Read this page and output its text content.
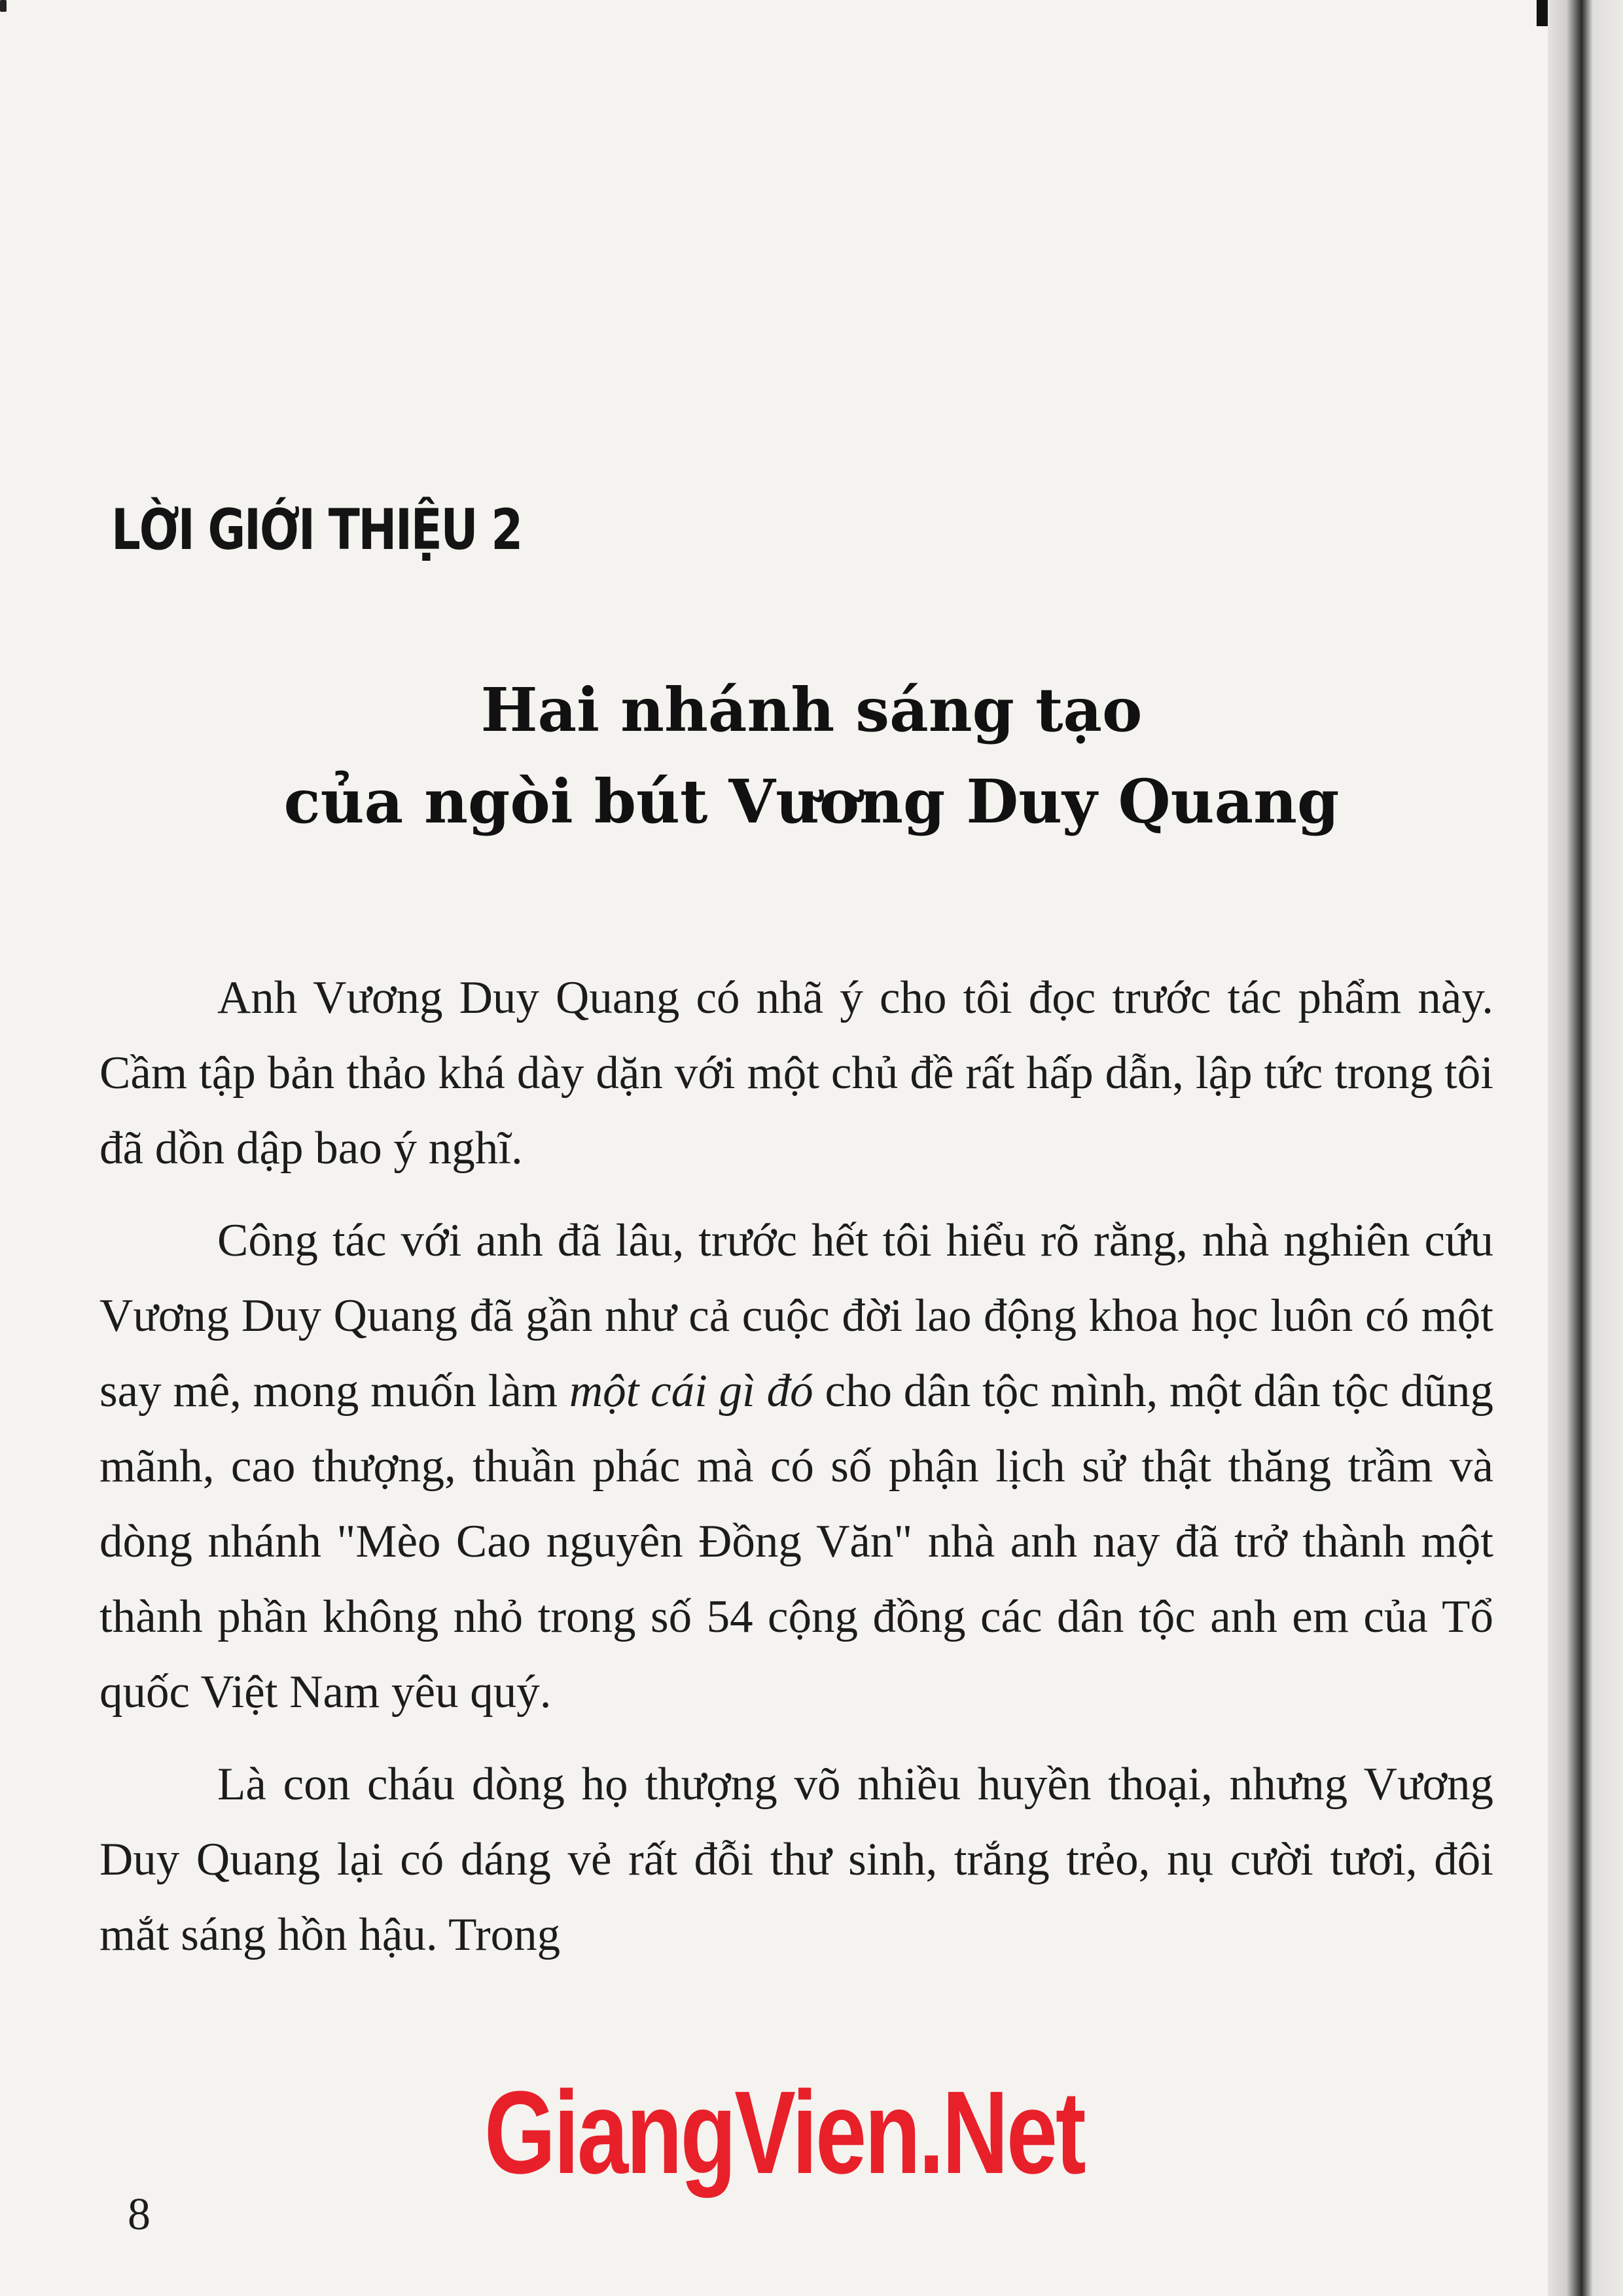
LỜI GIỚI THIỆU 2
Hai nhánh sáng tạo
của ngòi bút Vương Duy Quang

Anh Vương Duy Quang có nhã ý cho tôi đọc trước tác phẩm này. Cầm tập bản thảo khá dày dặn với một chủ đề rất hấp dẫn, lập tức trong tôi đã dồn dập bao ý nghĩ.

Công tác với anh đã lâu, trước hết tôi hiểu rõ rằng, nhà nghiên cứu Vương Duy Quang đã gần như cả cuộc đời lao động khoa học luôn có một say mê, mong muốn làm một cái gì đó cho dân tộc mình, một dân tộc dũng mãnh, cao thượng, thuần phác mà có số phận lịch sử thật thăng trầm và dòng nhánh "Mèo Cao nguyên Đồng Văn" nhà anh nay đã trở thành một thành phần không nhỏ trong số 54 cộng đồng các dân tộc anh em của Tổ quốc Việt Nam yêu quý.

Là con cháu dòng họ thượng võ nhiều huyền thoại, nhưng Vương Duy Quang lại có dáng vẻ rất đỗi thư sinh, trắng trẻo, nụ cười tươi, đôi mắt sáng hồn hậu. Trong

GiangVien.Net
8
